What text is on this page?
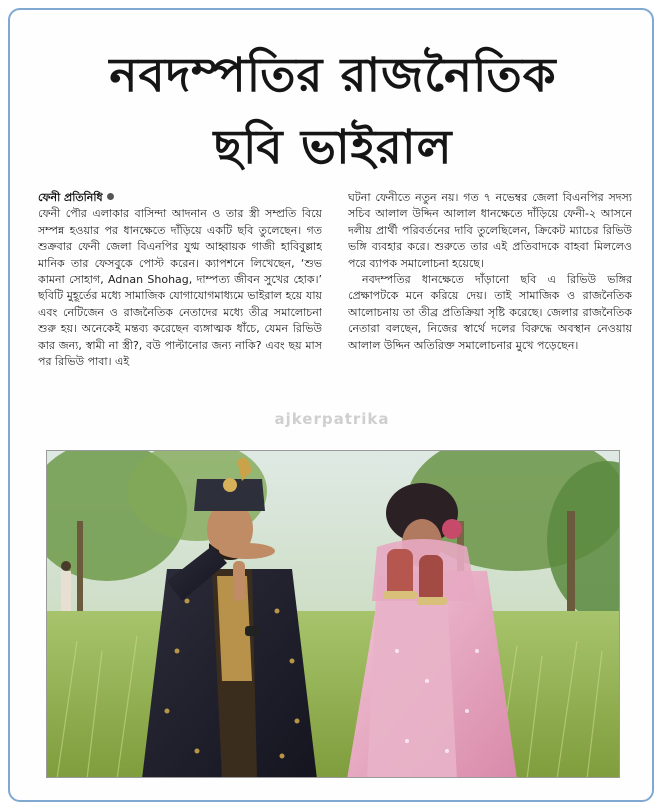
নবদম্পতির রাজনৈতিক
ছবি ভাইরাল

ফেনী প্রতিনিধি

ফেনী পৌর এলাকার বাসিন্দা আদনান ও তার স্ত্রী সম্প্রতি বিয়ে সম্পন্ন হওয়ার পর ধানক্ষেতে দাঁড়িয়ে একটি ছবি তুলেছেন। গত শুক্রবার ফেনী জেলা বিএনপির যুগ্ম আহ্বায়ক গাজী হাবিবুল্লাহ মানিক তার ফেসবুকে পোস্ট করেন। ক্যাপশনে লিখেছেন, ‘শুভ কামনা সোহাগ, Adnan Shohag, দাম্পত্য জীবন সুখের হোক।’ ছবিটি মুহূর্তের মধ্যে সামাজিক যোগাযোগমাধ্যমে ভাইরাল হয়ে যায় এবং নেটিজেন ও রাজনৈতিক নেতাদের মধ্যে তীব্র সমালোচনা শুরু হয়। অনেকেই মন্তব্য করেছেন ব্যঙ্গাত্মক ধাঁচে, যেমন রিভিউ কার জন্য, স্বামী না স্ত্রী?, বউ পাল্টানোর জন্য নাকি? এবং ছয় মাস পর রিভিউ পাবা। এই

ঘটনা ফেনীতে নতুন নয়। গত ৭ নভেম্বর জেলা বিএনপির সদস্য সচিব আলাল উদ্দিন আলাল ধানক্ষেতে দাঁড়িয়ে ফেনী-২ আসনে দলীয় প্রার্থী পরিবর্তনের দাবি তুলেছিলেন, ক্রিকেট ম্যাচের রিভিউ ভঙ্গি ব্যবহার করে। শুরুতে তার এই প্রতিবাদকে বাহবা মিললেও পরে ব্যাপক সমালোচনা হয়েছে।

নবদম্পতির ধানক্ষেতে দাঁড়ানো ছবি এ রিভিউ ভঙ্গির প্রেক্ষাপটকে মনে করিয়ে দেয়। তাই সামাজিক ও রাজনৈতিক আলোচনায় তা তীব্র প্রতিক্রিয়া সৃষ্টি করেছে। জেলার রাজনৈতিক নেতারা বলছেন, নিজের স্বার্থে দলের বিরুদ্ধে অবস্থান নেওয়ায় আলাল উদ্দিন অতিরিক্ত সমালোচনার মুখে পড়েছেন।

ajkerpatrika
